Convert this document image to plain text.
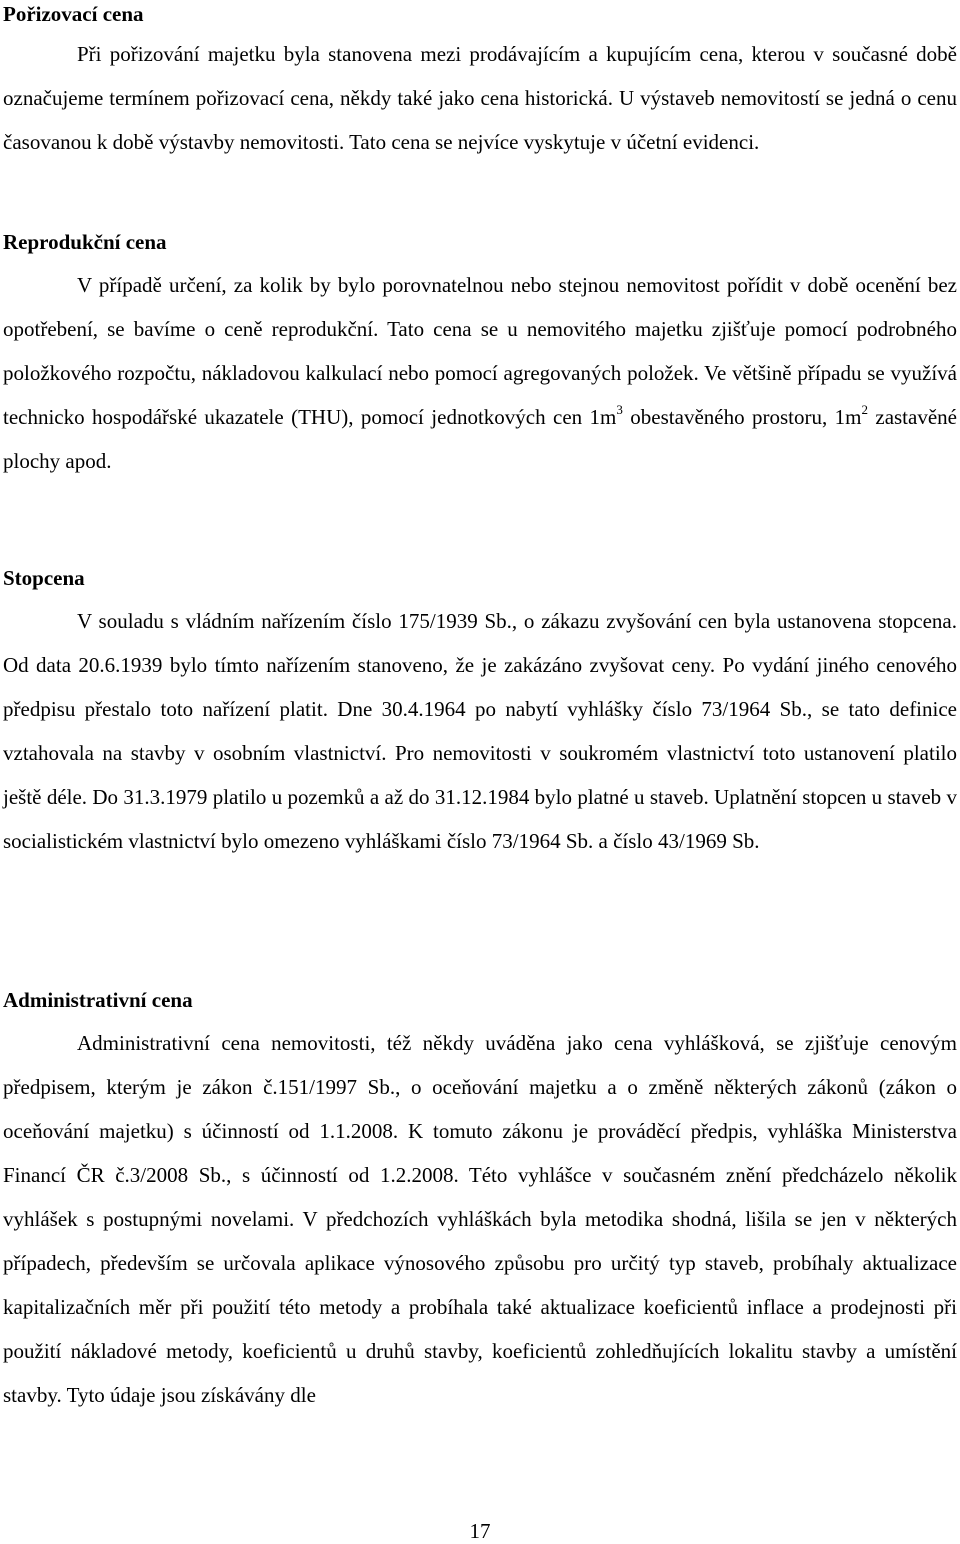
Pořizovací cena

Při pořizování majetku byla stanovena mezi prodávajícím a kupujícím cena, kterou v současné době označujeme termínem pořizovací cena, někdy také jako cena historická. U výstaveb nemovitostí se jedná o cenu časovanou k době výstavby nemovitosti. Tato cena se nejvíce vyskytuje v účetní evidenci.

Reprodukční cena

V případě určení, za kolik by bylo porovnatelnou nebo stejnou nemovitost pořídit v době ocenění bez opotřebení, se bavíme o ceně reprodukční. Tato cena se u nemovitého majetku zjišťuje pomocí podrobného položkového rozpočtu, nákladovou kalkulací nebo pomocí agregovaných položek. Ve většině případu se využívá technicko hospodářské ukazatele (THU), pomocí jednotkových cen $1m^3$ obestavěného prostoru, $1m^2$ zastavěné plochy apod.

Stopcena

V souladu s vládním nařízením číslo 175/1939 Sb., o zákazu zvyšování cen byla ustanovena stopcena. Od data 20.6.1939 bylo tímto nařízením stanoveno, že je zakázáno zvyšovat ceny. Po vydání jiného cenového předpisu přestalo toto nařízení platit. Dne 30.4.1964 po nabytí vyhlášky číslo 73/1964 Sb., se tato definice vztahovala na stavby v osobním vlastnictví. Pro nemovitosti v soukromém vlastnictví toto ustanovení platilo ještě déle. Do 31.3.1979 platilo u pozemků a až do 31.12.1984 bylo platné u staveb. Uplatnění stopcen u staveb v socialistickém vlastnictví bylo omezeno vyhláškami číslo 73/1964 Sb. a číslo 43/1969 Sb.

Administrativní cena

Administrativní cena nemovitosti, též někdy uváděna jako cena vyhlášková, se zjišťuje cenovým předpisem, kterým je zákon č.151/1997 Sb., o oceňování majetku a o změně některých zákonů (zákon o oceňování majetku) s účinností od 1.1.2008. K tomuto zákonu je prováděcí předpis, vyhláška Ministerstva Financí ČR č.3/2008 Sb., s účinností od 1.2.2008. Této vyhlášce v současném znění předcházelo několik vyhlášek s postupnými novelami. V předchozích vyhláškách byla metodika shodná, lišila se jen v některých případech, především se určovala aplikace výnosového způsobu pro určitý typ staveb, probíhaly aktualizace kapitalizačních měr při použití této metody a probíhala také aktualizace koeficientů inflace a prodejnosti při použití nákladové metody, koeficientů u druhů stavby, koeficientů zohledňujících lokalitu stavby a umístění stavby. Tyto údaje jsou získávány dle

17
